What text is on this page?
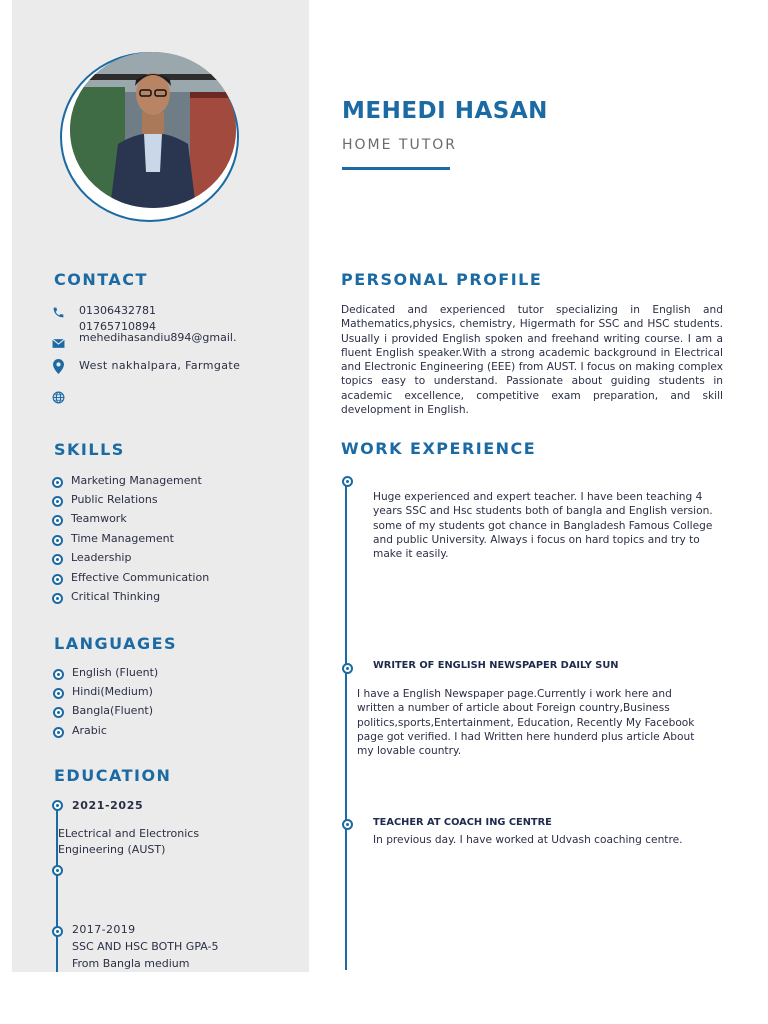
MEHEDI HASAN
HOME TUTOR
CONTACT
01306432781
01765710894
mehedihasandiu894@gmail.
West nakhalpara, Farmgate
SKILLS
Marketing Management
Public Relations
Teamwork
Time Management
Leadership
Effective Communication
Critical Thinking
LANGUAGES
English (Fluent)
Hindi(Medium)
Bangla(Fluent)
Arabic
EDUCATION
2021-2025
ELectrical and Electronics
Engineering (AUST)
2017-2019
SSC AND HSC BOTH GPA-5
From Bangla medium
PERSONAL PROFILE
Dedicated and experienced tutor specializing in English and Mathematics,physics, chemistry, Higermath for SSC and HSC students. Usually i provided English spoken and freehand writing course. I am a fluent English speaker.With a strong academic background in Electrical and Electronic Engineering (EEE) from AUST. I focus on making complex topics easy to understand. Passionate about guiding students in academic excellence, competitive exam preparation, and skill development in English.
WORK EXPERIENCE
Huge experienced and expert teacher. I have been teaching 4 years SSC and Hsc students both of bangla and English version. some of my students got chance in Bangladesh Famous College and public University. Always i focus on hard topics and try to make it easily.
WRITER OF ENGLISH NEWSPAPER DAILY SUN
I have a English Newspaper page.Currently i work here and written a number of article about Foreign country,Business politics,sports,Entertainment, Education, Recently My Facebook page got verified. I had Written here hunderd plus article About my lovable country.
TEACHER AT COACH ING CENTRE
In previous day. I have worked at Udvash coaching centre.
